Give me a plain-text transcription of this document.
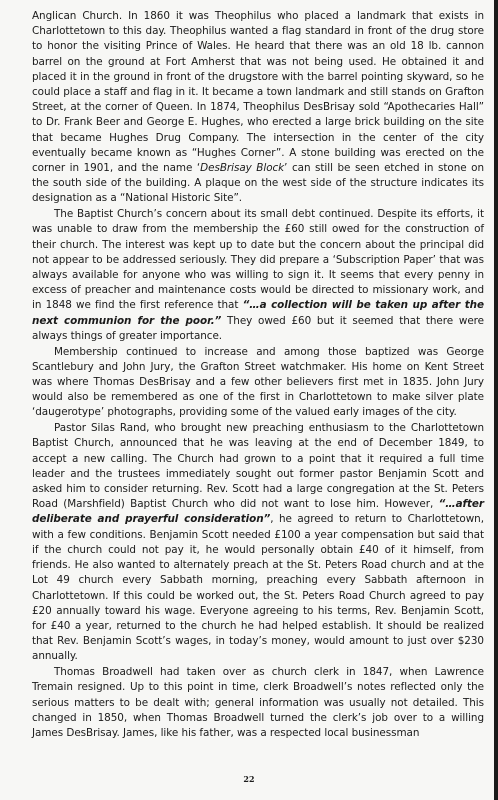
Anglican Church. In 1860 it was Theophilus who placed a landmark that exists in Charlottetown to this day. Theophilus wanted a flag standard in front of the drug store to honor the visiting Prince of Wales. He heard that there was an old 18 lb. cannon barrel on the ground at Fort Amherst that was not being used. He obtained it and placed it in the ground in front of the drugstore with the barrel pointing skyward, so he could place a staff and flag in it. It became a town landmark and still stands on Grafton Street, at the corner of Queen. In 1874, Theophilus DesBrisay sold “Apothecaries Hall” to Dr. Frank Beer and George E. Hughes, who erected a large brick building on the site that became Hughes Drug Company. The intersection in the center of the city eventually became known as “Hughes Corner”. A stone building was erected on the corner in 1901, and the name ‘DesBrisay Block’ can still be seen etched in stone on the south side of the building. A plaque on the west side of the structure indicates its designation as a “National Historic Site”.

The Baptist Church’s concern about its small debt continued. Despite its efforts, it was unable to draw from the membership the £60 still owed for the construction of their church. The interest was kept up to date but the concern about the principal did not appear to be addressed seriously. They did prepare a ‘Subscription Paper’ that was always available for anyone who was willing to sign it. It seems that every penny in excess of preacher and maintenance costs would be directed to missionary work, and in 1848 we find the first reference that “…a collection will be taken up after the next communion for the poor.” They owed £60 but it seemed that there were always things of greater importance.

Membership continued to increase and among those baptized was George Scantlebury and John Jury, the Grafton Street watchmaker. His home on Kent Street was where Thomas DesBrisay and a few other believers first met in 1835. John Jury would also be remembered as one of the first in Charlottetown to make silver plate ‘daugerotype’ photographs, providing some of the valued early images of the city.

Pastor Silas Rand, who brought new preaching enthusiasm to the Charlottetown Baptist Church, announced that he was leaving at the end of December 1849, to accept a new calling. The Church had grown to a point that it required a full time leader and the trustees immediately sought out former pastor Benjamin Scott and asked him to consider returning. Rev. Scott had a large congregation at the St. Peters Road (Marshfield) Baptist Church who did not want to lose him. However, “…after deliberate and prayerful consideration”, he agreed to return to Charlottetown, with a few conditions. Benjamin Scott needed £100 a year compensation but said that if the church could not pay it, he would personally obtain £40 of it himself, from friends. He also wanted to alternately preach at the St. Peters Road church and at the Lot 49 church every Sabbath morning, preaching every Sabbath afternoon in Charlottetown. If this could be worked out, the St. Peters Road Church agreed to pay £20 annually toward his wage. Everyone agreeing to his terms, Rev. Benjamin Scott, for £40 a year, returned to the church he had helped establish. It should be realized that Rev. Benjamin Scott’s wages, in today’s money, would amount to just over $230 annually.

Thomas Broadwell had taken over as church clerk in 1847, when Lawrence Tremain resigned. Up to this point in time, clerk Broadwell’s notes reflected only the serious matters to be dealt with; general information was usually not detailed. This changed in 1850, when Thomas Broadwell turned the clerk’s job over to a willing James DesBrisay. James, like his father, was a respected local businessman

22
